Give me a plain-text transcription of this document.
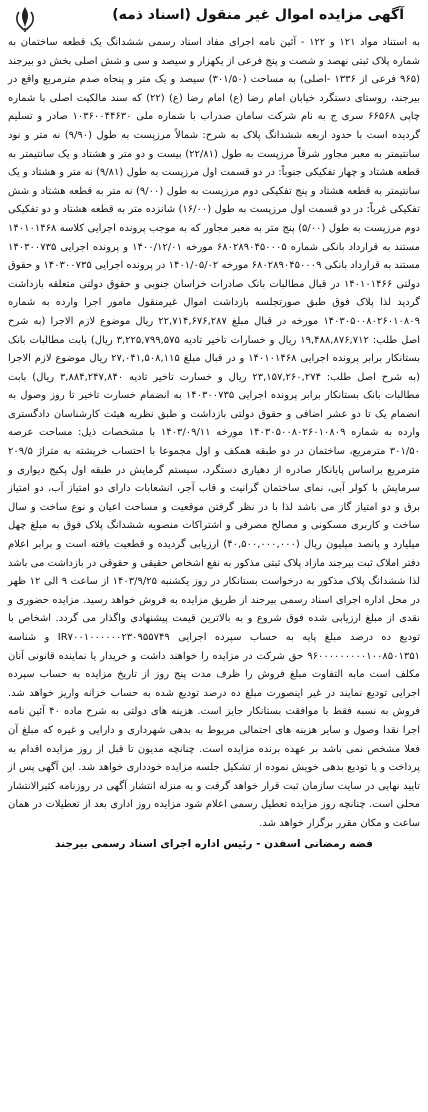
آگهی مزایده اموال غیر منقول (اسناد ذمه)

به استناد مواد ۱۲۱ و ۱۲۲ - آئین نامه اجرای مفاد اسناد رسمی ششدانگ یک قطعه ساختمان به شماره پلاک ثبتی نهصد و شصت و پنج فرعی از یکهزار و سیصد و سی و شش اصلی بخش دو بیرجند (۹۶۵ فرعی از ۱۳۳۶ -اصلی) به مساحت (۳۰۱/۵۰) سیصد و یک متر و پنجاه صدم مترمربع واقع در بیرجند، روستای دستگرد خیابان امام رضا (ع) امام رضا (ع) (۲۲) که سند مالکیت اصلی با شماره چاپی ۶۶۵۶۸ سری ج به نام شرکت سامان صدراب با شماره ملی ۱۰۳۶۰۰۴۴۶۳۰ صادر و تسلیم گردیده است با حدود اربعه ششدانگ پلاک به شرح: شمالاً مرزپست به طول (۹/۹۰) نه متر و نود سانتیمتر به معبر مجاور شرقاً مرزپست به طول (۲۲/۸۱) بیست و دو متر و هشتاد و یک سانتیمتر به قطعه هشتاد و چهار تفکیکی جنوباً: در دو قسمت اول مرزپست به طول (۹/۸۱) نه متر و هشتاد و یک سانتیمتر به قطعه هشتاد و پنج تفکیکی دوم مرزپست به طول (۹/۰۰) نه متر به قطعه هشتاد و شش تفکیکی غرباً: در دو قسمت اول مرزپست به طول (۱۶/۰۰) شانزده متر به قطعه هشتاد و دو تفکیکی دوم مرزپست به طول (۵/۰۰) پنج متر به معبر مجاور که به موجب پرونده اجرایی کلاسه ۱۴۰۱۰۱۴۶۸ مستند به قرارداد بانکی شماره ۶۸۰۲۸۹۰۴۵۰۰۰۵ مورخه ۱۴۰۰/۱۲/۰۱ و پرونده اجرایی ۱۴۰۳۰۰۷۳۵ مستند به قرارداد بانکی ۶۸۰۲۸۹۰۴۵۰۰۰۹ مورخه ۱۴۰۱/۰۵/۰۲ در پرونده اجرایی ۱۴۰۳۰۰۷۳۵ و حقوق دولتی ۱۴۰۱۰۱۴۶۶ در قبال مطالبات بانک صادرات خراسان جنوبی و حقوق دولتی متعلقه بازداشت گردید لذا پلاک فوق طبق صورتجلسه بازداشت اموال غیرمنقول مامور اجرا وارده به شماره ۱۴۰۳۰۵۰۰۸۰۲۶۰۱۰۸۰۹ مورخه در قبال مبلغ ۲۲,۷۱۴,۶۷۶,۲۸۷ ریال موضوع لازم الاجرا (به شرح اصل طلب: ۱۹,۴۸۸,۸۷۶,۷۱۲ ریال و خسارات تاخیر تادیه ۳,۲۲۵,۷۹۹,۵۷۵ ریال) بابت مطالبات بانک بستانکار برابر پرونده اجرایی ۱۴۰۱۰۱۴۶۸ و در قبال مبلغ ۲۷,۰۴۱,۵۰۸,۱۱۵ ریال موضوع لازم الاجرا (به شرح اصل طلب: ۲۳,۱۵۷,۲۶۰,۲۷۴ ریال و خسارت تاخیر تادیه ۳,۸۸۴,۲۴۷,۸۴۰ ریال) بابت مطالبات بانک بستانکار برابر پرونده اجرایی ۱۴۰۳۰۰۷۳۵ به انضمام خسارت تاخیر تا روز وصول به انضمام یک تا دو عشر اضافی و حقوق دولتی بازداشت و طبق نظریه هیئت کارشناسان دادگستری وارده به شماره ۱۴۰۳۰۵۰۰۸۰۲۶۰۱۰۸۰۹ مورخه ۱۴۰۳/۰۹/۱۱ با مشخصات ذیل: مساحت عرصه ۳۰۱/۵۰ مترمربع، ساختمان در دو طبقه همکف و اول مجموعا با احتساب خرپشته به متراژ ۲۰۹/۵ مترمربع براساس پایانکار صادره از دهیاری دستگرد، سیستم گرمایش در طبقه اول پکیج دیواری و سرمایش با کولر آبی، نمای ساختمان گرانیت و قاب آجر، انشعابات دارای دو امتیاز آب، دو امتیاز برق و دو امتیاز گاز می باشد لذا با در نظر گرفتن موقعیت و مساحت اعیان و نوع ساخت و سال ساخت و کاربری مسکونی و مصالح مصرفی و اشتراکات منصوبه ششدانگ پلاک فوق به مبلغ چهل میلیارد و پانصد میلیون ریال (۴۰,۵۰۰,۰۰۰,۰۰۰) ارزیابی گردیده و قطعیت یافته است و برابر اعلام دفتر املاک ثبت بیرجند مازاد پلاک ثبتی مذکور به نفع اشخاص حقیقی و حقوقی در بازداشت می باشد لذا ششدانگ پلاک مذکور به درخواست بستانکار در روز یکشنبه ۱۴۰۳/۹/۲۵ از ساعت ۹ الی ۱۲ ظهر در محل اداره اجرای اسناد رسمی بیرجند از طریق مزایده به فروش خواهد رسید. مزایده حضوری و نقدی از مبلغ ارزیابی شده فوق شروع و به بالاترین قیمت پیشنهادی واگذار می گردد. اشخاص با تودیع ده درصد مبلغ پایه به حساب سپرده اجرایی IR۷۰۰۱۰۰۰۰۰۰۲۳۰۹۵۵۷۴۹ و شناسه ۹۶۰۰۰۰۰۰۰۰۰۱۰۰۸۵۰۱۳۵۱ حق شرکت در مزایده را خواهند داشت و خریدار یا نماینده قانونی آنان مکلف است مابه التفاوت مبلغ فروش را ظرف مدت پنج روز از تاریخ مزایده به حساب سپرده اجرایی تودیع نمایند در غیر اینصورت مبلغ ده درصد تودیع شده به حساب خزانه واریز خواهد شد. فروش به نسبه فقط با موافقت بستانکار جایز است. هزینه های دولتی به شرح ماده ۴۰ آئین نامه اجرا نقدا وصول و سایر هزینه های احتمالی مربوط به بدهی شهرداری و دارایی و غیره که مبلغ آن فعلا مشخص نمی باشد بر عهده برنده مزایده است. چنانچه مدیون تا قبل از روز مزایده اقدام به پرداخت و یا تودیع بدهی خویش نموده از تشکیل جلسه مزایده خودداری خواهد شد. این آگهی پس از تایید نهایی در سایت سازمان ثبت قرار خواهد گرفت و به منزله انتشار آگهی در روزنامه کثیرالانتشار محلی است. چنانچه روز مزایده تعطیل رسمی اعلام شود مزایده روز اداری بعد از تعطیلات در همان ساعت و مکان مقرر برگزار خواهد شد.

فضه رمضانی اسفدن - رئیس اداره اجرای اسناد رسمی بیرجند
